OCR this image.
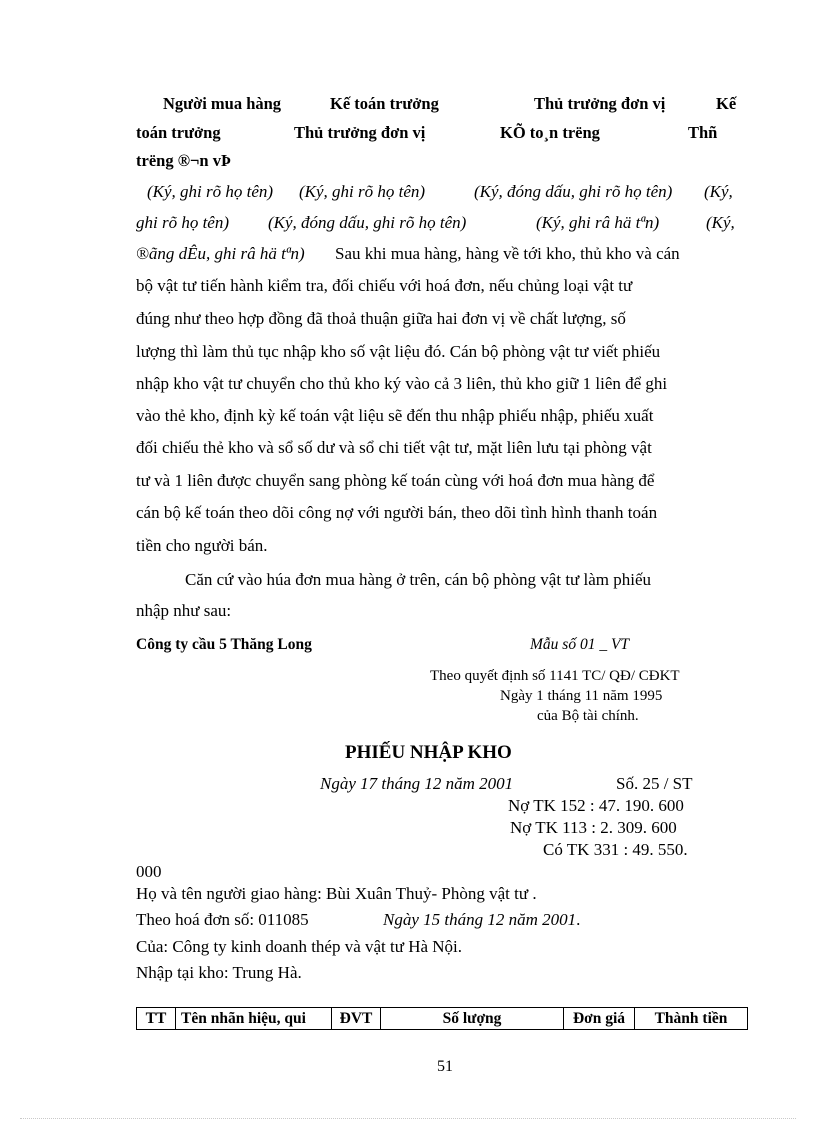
Người mua hàng	Kế toán trưởng	Thủ trưởng đơn vị	Kế
toán trưởng	Thủ trưởng đơn vị	KÕ to¸n trëng	Thñ
trëng ®¬n vÞ
(Ký, ghi rõ họ tên) (Ký, ghi rõ họ tên)	(Ký, đóng dấu, ghi rõ họ tên) (Ký,
ghi rõ họ tên) (Ký, đóng dấu, ghi rõ họ tên)	(Ký, ghi râ hä tªn)	(Ký,
®ãng dÊu, ghi râ hä tªn) Sau khi mua hàng, hàng về tới kho, thủ kho và cán
bộ vật tư tiến hành kiểm tra, đối chiếu với hoá đơn, nếu chủng loại vật tư
đúng như theo hợp đồng đã thoả thuận giữa hai đơn vị về chất lượng, số
lượng thì làm thủ tục nhập kho số vật liệu đó. Cán bộ phòng vật tư viết phiếu
nhập kho vật tư chuyển cho thủ kho ký vào cả 3 liên, thủ kho giữ 1 liên để ghi
vào thẻ kho, định kỳ kế toán vật liệu sẽ đến thu nhập phiếu nhập, phiếu xuất
đối chiếu thẻ kho và sổ số dư và sổ chi tiết vật tư, mặt liên lưu tại phòng vật
tư và 1 liên được chuyển sang phòng kế toán cùng với hoá đơn mua hàng để
cán bộ kế toán theo dõi công nợ với người bán, theo dõi tình hình thanh toán
tiền cho người bán.
Căn cứ vào húa đơn mua hàng ở trên, cán bộ phòng vật tư làm phiếu
nhập như sau:
Công ty cầu 5 Thăng Long	Mẫu số 01 _ VT
Theo quyết định số 1141 TC/ QĐ/ CĐKT
Ngày 1 tháng 11 năm 1995
của Bộ tài chính.
PHIẾU NHẬP KHO
Ngày 17 tháng 12 năm 2001	Số. 25 / ST
Nợ TK 152 : 47. 190. 600
Nợ TK 113 : 2. 309. 600
Có TK 331 : 49. 550.
000
Họ và tên người giao hàng: Bùi Xuân Thuỷ- Phòng vật tư .
Theo hoá đơn số: 011085	Ngày 15 tháng 12 năm 2001.
Của: Công ty kinh doanh thép và vật tư Hà Nội.
Nhập tại kho: Trung Hà.
TT	Tên nhãn hiệu, qui	ĐVT	Số lượng	Đơn giá	Thành tiền
51
